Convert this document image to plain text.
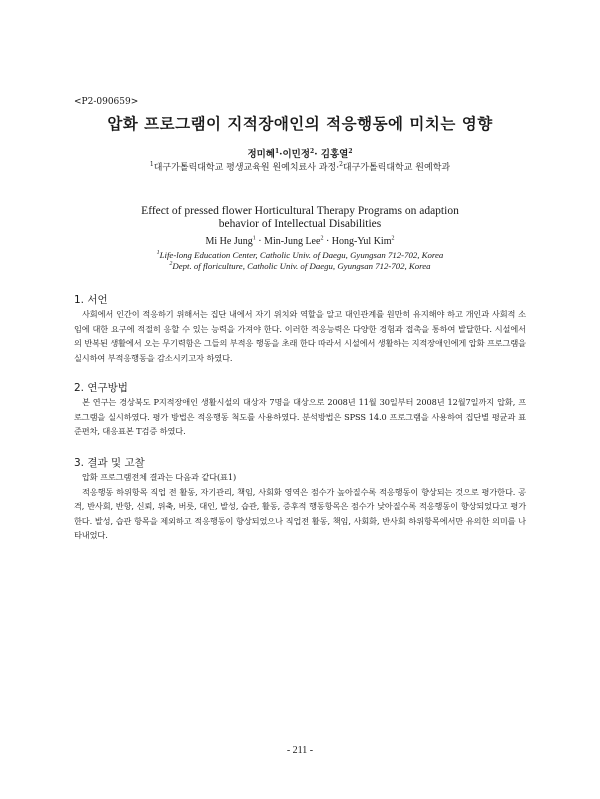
<P2-090659>
압화 프로그램이 지적장애인의 적응행동에 미치는 영향
정미혜$^1$·이민정$^2$· 김홍열$^2$
$^1$대구가톨릭대학교 평생교육원 원예치료사 과정·$^2$대구가톨릭대학교 원예학과
Effect of pressed flower Horticultural Therapy Programs on adaption
behavior of Intellectual Disabilities
Mi He Jung$^1$ · Min-Jung Lee$^2$ · Hong-Yul Kim$^2$
$^1$Life-long Education Center, Catholic Univ. of Daegu, Gyungsan 712-702, Korea
$^2$Dept. of floriculture, Catholic Univ. of Daegu, Gyungsan 712-702, Korea
1. 서언

사회에서 인간이 적응하기 위해서는 집단 내에서 자기 위치와 역할을 알고 대인관계를 원만히 유지해야 하고 개인과 사회적 소임에 대한 요구에 적절히 응할 수 있는 능력을 가져야 한다. 이러한 적응능력은 다양한 경험과 접촉을 통하여 발달한다. 시설에서의 반복된 생활에서 오는 무기력함은 그들의 부적응 행동을 초래 한다 따라서 시설에서 생활하는 지적장애인에게 압화 프로그램을 실시하여 부적응행동을 감소시키고자 하였다.

2. 연구방법

본 연구는 경상북도 P지적장애인 생활시설의 대상자 7명을 대상으로 2008년 11월 30일부터 2008년 12월7일까지 압화, 프로그램을 실시하였다. 평가 방법은 적응행동 척도를 사용하였다. 분석방법은 SPSS 14.0 프로그램을 사용하여 집단별 평균과 표준편차, 대응표본 T검증 하였다.

3. 결과 및 고찰

압화 프로그램전체 결과는 다음과 같다(표1)

적응행동 하위항목 직업 전 활동, 자기관리, 책임, 사회화 영역은 점수가 높아질수록 적응행동이 향상되는 것으로 평가한다. 공격, 반사회, 반항, 신뢰, 위축, 버릇, 대인, 발성, 습관, 활동, 증후적 행동항목은 점수가 낮아질수록 적응행동이 향상되었다고 평가한다. 발성, 습관 항목을 제외하고 적응행동이 향상되었으나 직업전 활동, 책임, 사회화, 반사회 하위항목에서만 유의한 의미를 나타내었다.

- 211 -
